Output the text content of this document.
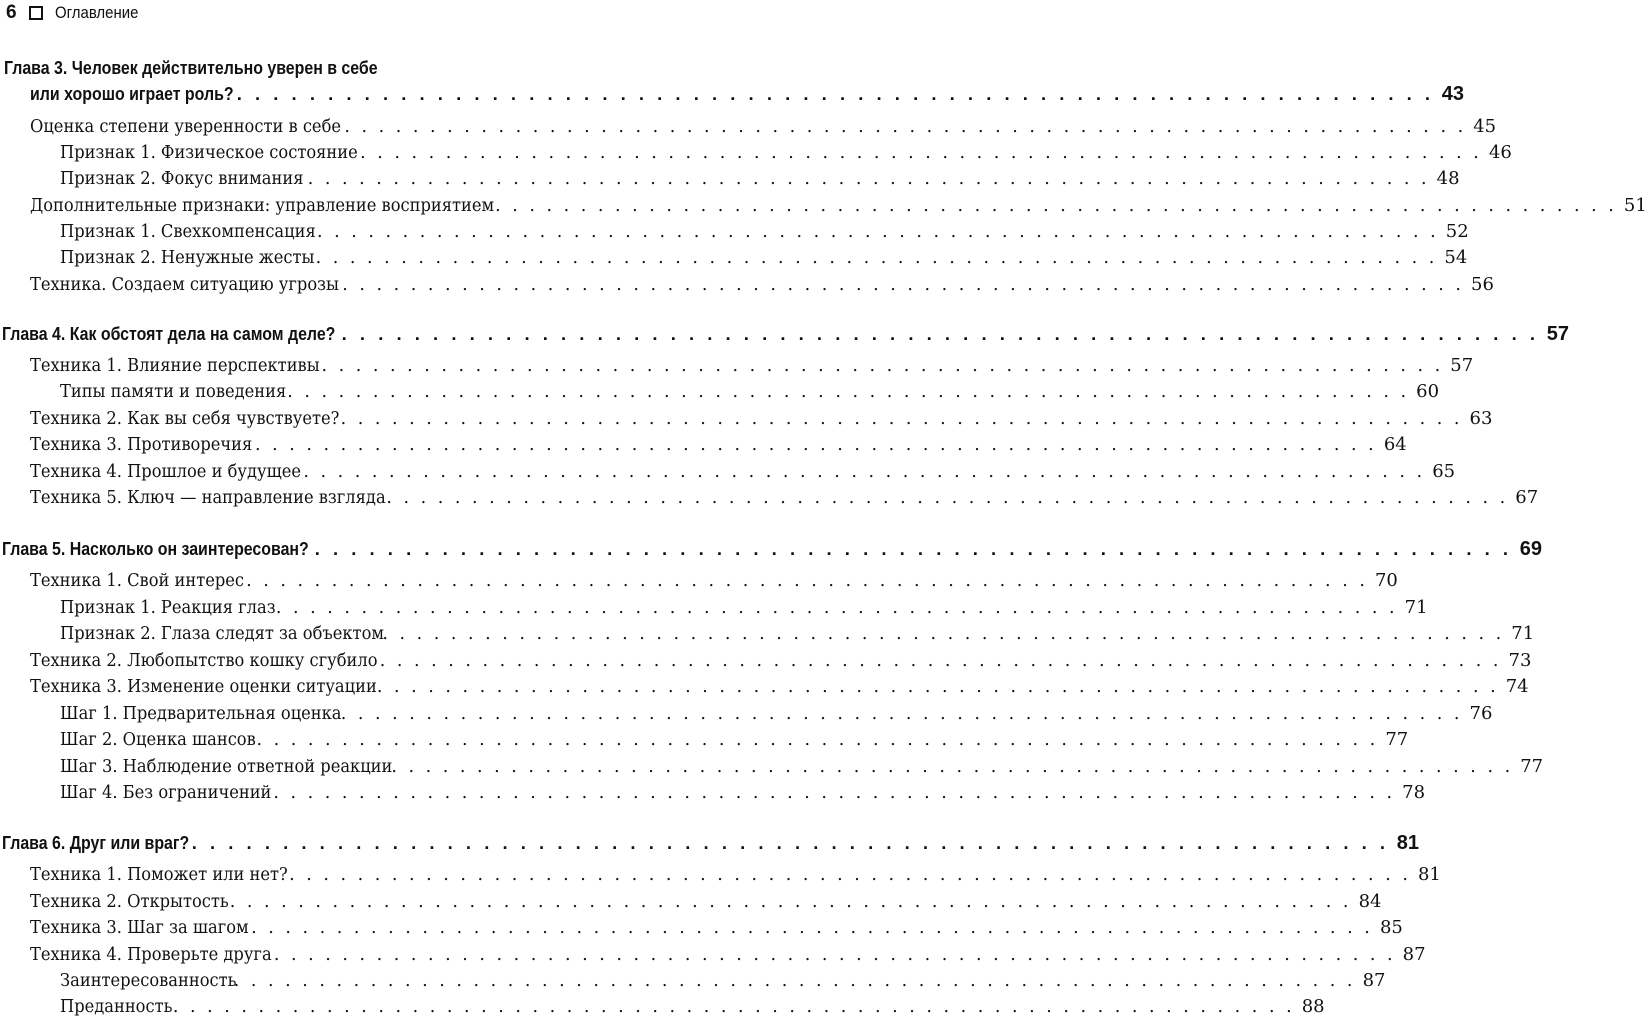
6 Оглавление
Глава 3. Человек действительно уверен в себе
или хорошо играет роль? . . . . . . . . . . . . . . . . . . . . . . . . . . . . . . . . . . . . . . . . . . . . . . . . . . . . . . . . . . . . . . . . . . 43
Оценка степени уверенности в себе . . . . . . . . . . . . . . . . . . . . . . . . . . . . . . . . . . . . . . . . . . . . . . . . . . . . . . . . . . . . . . . . . . 45
Признак 1. Физическое состояние . . . . . . . . . . . . . . . . . . . . . . . . . . . . . . . . . . . . . . . . . . . . . . . . . . . . . . . . . . . . . . . . . . 46
Признак 2. Фокус внимания . . . . . . . . . . . . . . . . . . . . . . . . . . . . . . . . . . . . . . . . . . . . . . . . . . . . . . . . . . . . . . . . . . 48
Дополнительные признаки: управление восприятием . . . . . . . . . . . . . . . . . . . . . . . . . . . . . . . . . . . . . . . . . . . . . . . . . . . . . . . . . . . . . . . . . . 51
Признак 1. Свехкомпенсация . . . . . . . . . . . . . . . . . . . . . . . . . . . . . . . . . . . . . . . . . . . . . . . . . . . . . . . . . . . . . . . . . . 52
Признак 2. Ненужные жесты . . . . . . . . . . . . . . . . . . . . . . . . . . . . . . . . . . . . . . . . . . . . . . . . . . . . . . . . . . . . . . . . . . 54
Техника. Создаем ситуацию угрозы . . . . . . . . . . . . . . . . . . . . . . . . . . . . . . . . . . . . . . . . . . . . . . . . . . . . . . . . . . . . . . . . . . 56
Глава 4. Как обстоят дела на самом деле? . . . . . . . . . . . . . . . . . . . . . . . . . . . . . . . . . . . . . . . . . . . . . . . . . . . . . . . . . . . . . . . . . . 57
Техника 1. Влияние перспективы . . . . . . . . . . . . . . . . . . . . . . . . . . . . . . . . . . . . . . . . . . . . . . . . . . . . . . . . . . . . . . . . . . 57
Типы памяти и поведения . . . . . . . . . . . . . . . . . . . . . . . . . . . . . . . . . . . . . . . . . . . . . . . . . . . . . . . . . . . . . . . . . . 60
Техника 2. Как вы себя чувствуете? . . . . . . . . . . . . . . . . . . . . . . . . . . . . . . . . . . . . . . . . . . . . . . . . . . . . . . . . . . . . . . . . . . 63
Техника 3. Противоречия . . . . . . . . . . . . . . . . . . . . . . . . . . . . . . . . . . . . . . . . . . . . . . . . . . . . . . . . . . . . . . . . . . 64
Техника 4. Прошлое и будущее . . . . . . . . . . . . . . . . . . . . . . . . . . . . . . . . . . . . . . . . . . . . . . . . . . . . . . . . . . . . . . . . . . 65
Техника 5. Ключ — направление взгляда . . . . . . . . . . . . . . . . . . . . . . . . . . . . . . . . . . . . . . . . . . . . . . . . . . . . . . . . . . . . . . . . . . 67
Глава 5. Насколько он заинтересован? . . . . . . . . . . . . . . . . . . . . . . . . . . . . . . . . . . . . . . . . . . . . . . . . . . . . . . . . . . . . . . . . . . 69
Техника 1. Свой интерес . . . . . . . . . . . . . . . . . . . . . . . . . . . . . . . . . . . . . . . . . . . . . . . . . . . . . . . . . . . . . . . . . . 70
Признак 1. Реакция глаз . . . . . . . . . . . . . . . . . . . . . . . . . . . . . . . . . . . . . . . . . . . . . . . . . . . . . . . . . . . . . . . . . . 71
Признак 2. Глаза следят за объектом
. . . . . . . . . . . . . . . . . . . . . . . . . . . . . . . . . . . . . . . . . . . . . . . . . . . . . . . . . . . . . . . . . . 71
Техника 2. Любопытство кошку сгубило . . . . . . . . . . . . . . . . . . . . . . . . . . . . . . . . . . . . . . . . . . . . . . . . . . . . . . . . . . . . . . . . . . 73
Техника 3. Изменение оценки ситуации . . . . . . . . . . . . . . . . . . . . . . . . . . . . . . . . . . . . . . . . . . . . . . . . . . . . . . . . . . . . . . . . . . 74
Шаг 1. Предварительная оценка . . . . . . . . . . . . . . . . . . . . . . . . . . . . . . . . . . . . . . . . . . . . . . . . . . . . . . . . . . . . . . . . . . 76
Шаг 2. Оценка шансов . . . . . . . . . . . . . . . . . . . . . . . . . . . . . . . . . . . . . . . . . . . . . . . . . . . . . . . . . . . . . . . . . . 77
Шаг 3. Наблюдение ответной реакции . . . . . . . . . . . . . . . . . . . . . . . . . . . . . . . . . . . . . . . . . . . . . . . . . . . . . . . . . . . . . . . . . . 77
Шаг 4. Без ограничений . . . . . . . . . . . . . . . . . . . . . . . . . . . . . . . . . . . . . . . . . . . . . . . . . . . . . . . . . . . . . . . . . . 78
Глава 6. Друг или враг? . . . . . . . . . . . . . . . . . . . . . . . . . . . . . . . . . . . . . . . . . . . . . . . . . . . . . . . . . . . . . . . . . . 81
Техника 1. Поможет или нет? . . . . . . . . . . . . . . . . . . . . . . . . . . . . . . . . . . . . . . . . . . . . . . . . . . . . . . . . . . . . . . . . . . 81
Техника 2. Открытость . . . . . . . . . . . . . . . . . . . . . . . . . . . . . . . . . . . . . . . . . . . . . . . . . . . . . . . . . . . . . . . . . . 84
Техника 3. Шаг за шагом . . . . . . . . . . . . . . . . . . . . . . . . . . . . . . . . . . . . . . . . . . . . . . . . . . . . . . . . . . . . . . . . . . 85
Техника 4. Проверьте друга . . . . . . . . . . . . . . . . . . . . . . . . . . . . . . . . . . . . . . . . . . . . . . . . . . . . . . . . . . . . . . . . . . 87
Заинтересованность
. . . . . . . . . . . . . . . . . . . . . . . . . . . . . . . . . . . . . . . . . . . . . . . . . . . . . . . . . . . . . . . . . . 87
Преданность . . . . . . . . . . . . . . . . . . . . . . . . . . . . . . . . . . . . . . . . . . . . . . . . . . . . . . . . . . . . . . . . . . 88
